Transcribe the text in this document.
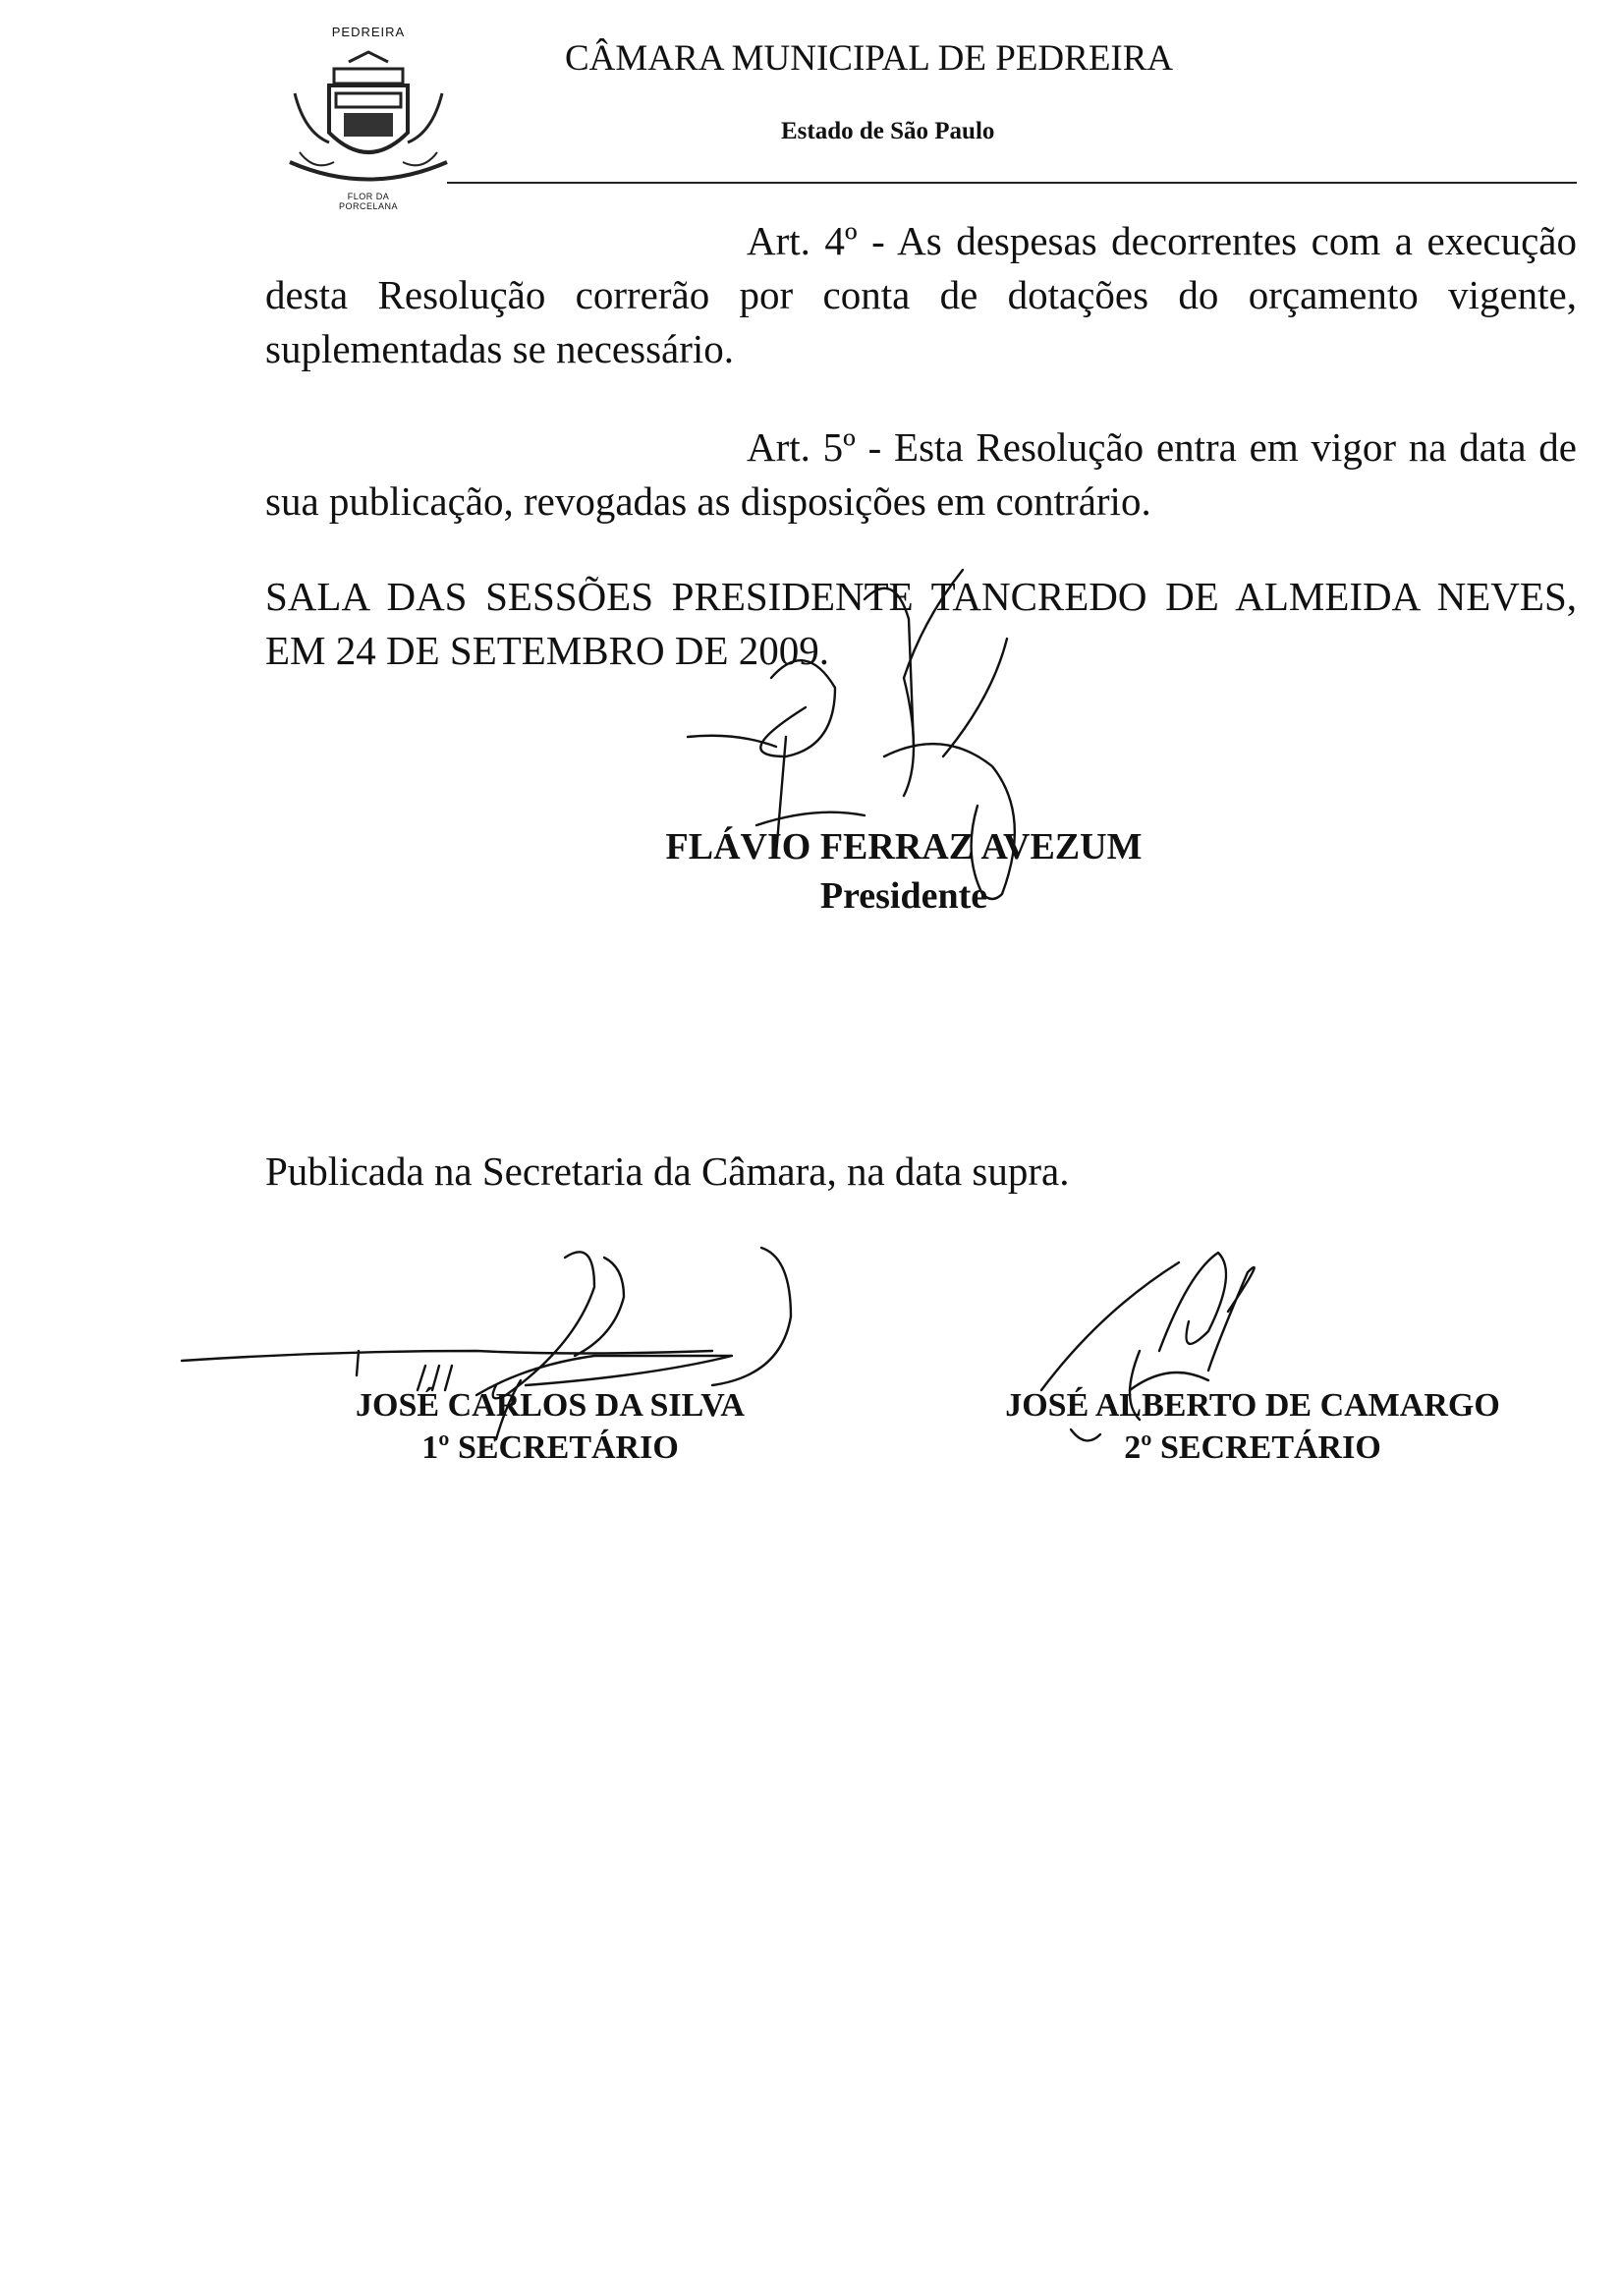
PEDREIRA
FLOR DA
PORCELANA
CÂMARA MUNICIPAL DE PEDREIRA
Estado de São Paulo
Art. 4º - As despesas decorrentes com a execução desta Resolução correrão por conta de dotações do orçamento vigente, suplementadas se necessário.
Art. 5º - Esta Resolução entra em vigor na data de sua publicação, revogadas as disposições em contrário.
SALA DAS SESSÕES PRESIDENTE TANCREDO DE ALMEIDA NEVES, EM 24 DE SETEMBRO DE 2009.
FLÁVIO FERRAZ AVEZUM
Presidente
Publicada na Secretaria da Câmara, na data supra.
JOSÉ CARLOS DA SILVA
1º SECRETÁRIO
JOSÉ ALBERTO DE CAMARGO
2º SECRETÁRIO
